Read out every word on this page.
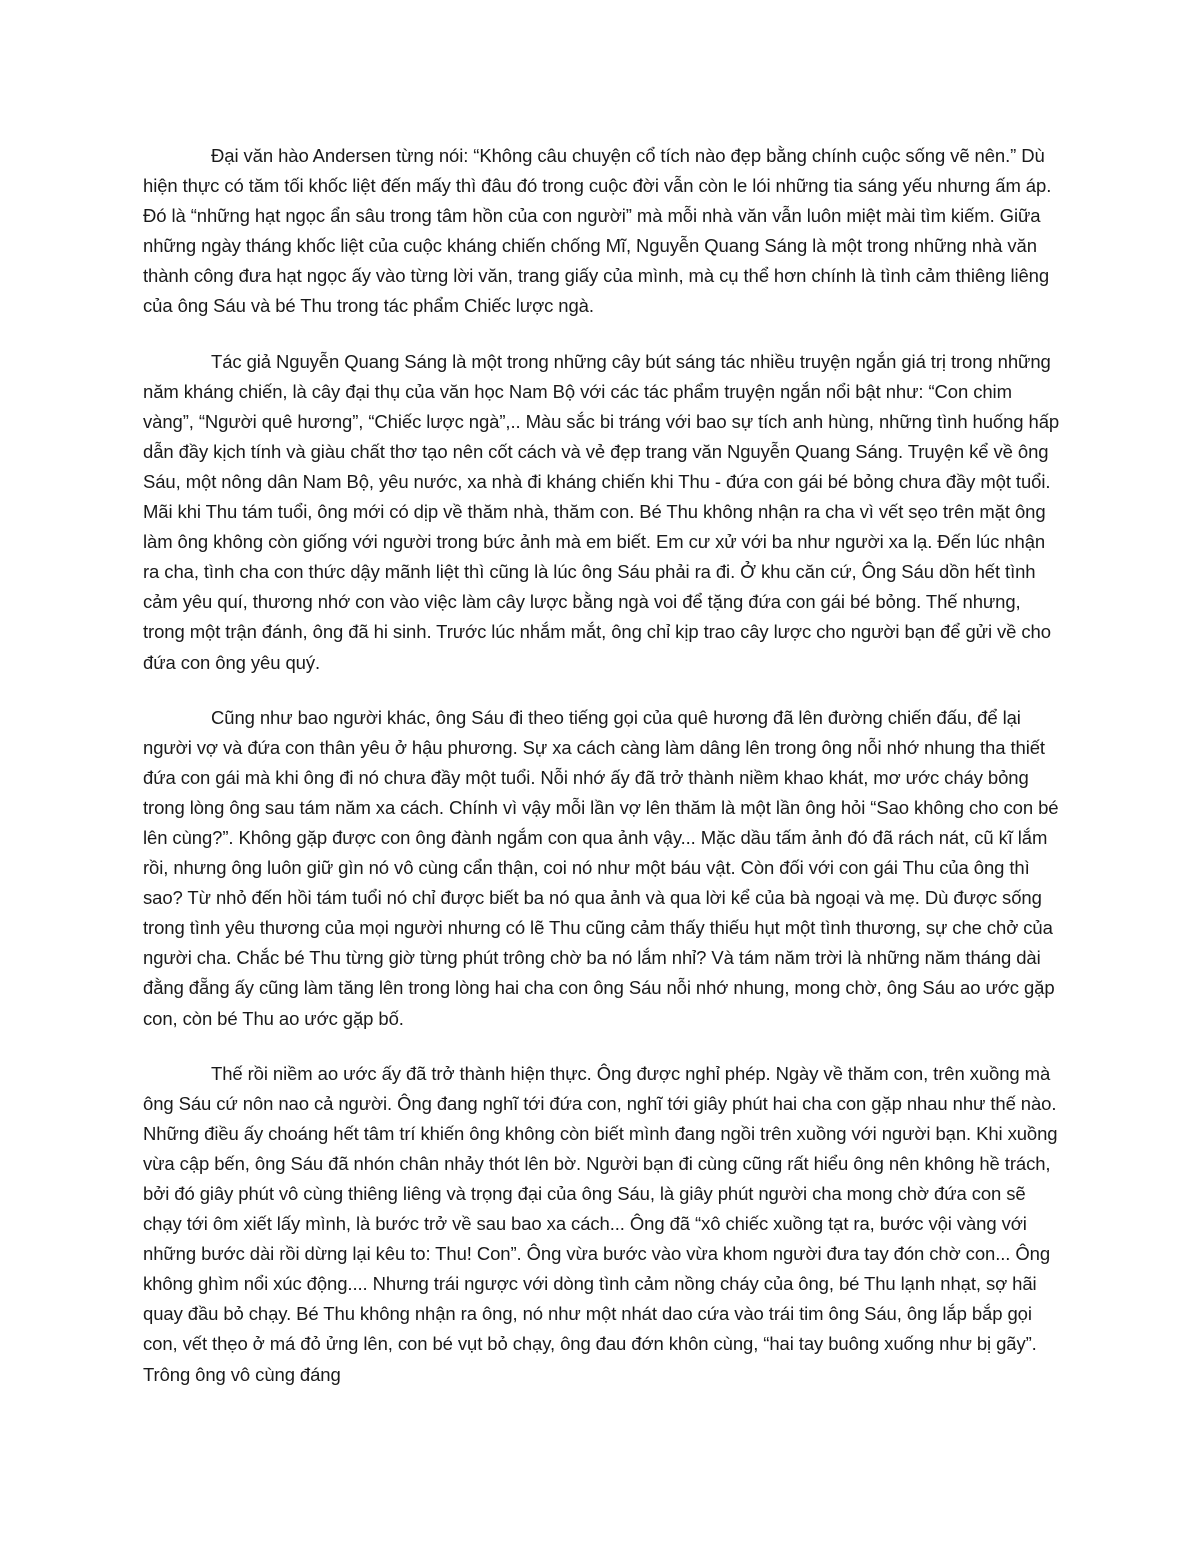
Đại văn hào Andersen từng nói: “Không câu chuyện cổ tích nào đẹp bằng chính cuộc sống vẽ nên.” Dù hiện thực có tăm tối khốc liệt đến mấy thì đâu đó trong cuộc đời vẫn còn le lói những tia sáng yếu nhưng ấm áp. Đó là “những hạt ngọc ẩn sâu trong tâm hồn của con người” mà mỗi nhà văn vẫn luôn miệt mài tìm kiếm. Giữa những ngày tháng khốc liệt của cuộc kháng chiến chống Mĩ, Nguyễn Quang Sáng là một trong những nhà văn thành công đưa hạt ngọc ấy vào từng lời văn, trang giấy của mình, mà cụ thể hơn chính là tình cảm thiêng liêng của ông Sáu và bé Thu trong tác phẩm Chiếc lược ngà.

Tác giả Nguyễn Quang Sáng là một trong những cây bút sáng tác nhiều truyện ngắn giá trị trong những năm kháng chiến, là cây đại thụ của văn học Nam Bộ với các tác phẩm truyện ngắn nổi bật như: “Con chim vàng”, “Người quê hương”, “Chiếc lược ngà”,.. Màu sắc bi tráng với bao sự tích anh hùng, những tình huống hấp dẫn đầy kịch tính và giàu chất thơ tạo nên cốt cách và vẻ đẹp trang văn Nguyễn Quang Sáng. Truyện kể về ông Sáu, một nông dân Nam Bộ, yêu nước, xa nhà đi kháng chiến khi Thu - đứa con gái bé bỏng chưa đầy một tuổi. Mãi khi Thu tám tuổi, ông mới có dịp về thăm nhà, thăm con. Bé Thu không nhận ra cha vì vết sẹo trên mặt ông làm ông không còn giống với người trong bức ảnh mà em biết. Em cư xử với ba như người xa lạ. Đến lúc nhận ra cha, tình cha con thức dậy mãnh liệt thì cũng là lúc ông Sáu phải ra đi. Ở khu căn cứ, Ông Sáu dồn hết tình cảm yêu quí, thương nhớ con vào việc làm cây lược bằng ngà voi để tặng đứa con gái bé bỏng. Thế nhưng, trong một trận đánh, ông đã hi sinh. Trước lúc nhắm mắt, ông chỉ kịp trao cây lược cho người bạn để gửi về cho đứa con ông yêu quý.

Cũng như bao người khác, ông Sáu đi theo tiếng gọi của quê hương đã lên đường chiến đấu, để lại người vợ và đứa con thân yêu ở hậu phương. Sự xa cách càng làm dâng lên trong ông nỗi nhớ nhung tha thiết đứa con gái mà khi ông đi nó chưa đầy một tuổi. Nỗi nhớ ấy đã trở thành niềm khao khát, mơ ước cháy bỏng trong lòng ông sau tám năm xa cách. Chính vì vậy mỗi lần vợ lên thăm là một lần ông hỏi “Sao không cho con bé lên cùng?”. Không gặp được con ông đành ngắm con qua ảnh vậy... Mặc dầu tấm ảnh đó đã rách nát, cũ kĩ lắm rồi, nhưng ông luôn giữ gìn nó vô cùng cẩn thận, coi nó như một báu vật. Còn đối với con gái Thu của ông thì sao? Từ nhỏ đến hồi tám tuổi nó chỉ được biết ba nó qua ảnh và qua lời kể của bà ngoại và mẹ. Dù được sống trong tình yêu thương của mọi người nhưng có lẽ Thu cũng cảm thấy thiếu hụt một tình thương, sự che chở của người cha. Chắc bé Thu từng giờ từng phút trông chờ ba nó lắm nhỉ? Và tám năm trời là những năm tháng dài đằng đẵng ấy cũng làm tăng lên trong lòng hai cha con ông Sáu nỗi nhớ nhung, mong chờ, ông Sáu ao ước gặp con, còn bé Thu ao ước gặp bố.

Thế rồi niềm ao ước ấy đã trở thành hiện thực. Ông được nghỉ phép. Ngày về thăm con, trên xuồng mà ông Sáu cứ nôn nao cả người. Ông đang nghĩ tới đứa con, nghĩ tới giây phút hai cha con gặp nhau như thế nào. Những điều ấy choáng hết tâm trí khiến ông không còn biết mình đang ngồi trên xuồng với người bạn. Khi xuồng vừa cập bến, ông Sáu đã nhón chân nhảy thót lên bờ. Người bạn đi cùng cũng rất hiểu ông nên không hề trách, bởi đó giây phút vô cùng thiêng liêng và trọng đại của ông Sáu, là giây phút người cha mong chờ đứa con sẽ chạy tới ôm xiết lấy mình, là bước trở về sau bao xa cách... Ông đã “xô chiếc xuồng tạt ra, bước vội vàng với những bước dài rồi dừng lại kêu to: Thu! Con”. Ông vừa bước vào vừa khom người đưa tay đón chờ con... Ông không ghìm nổi xúc động.... Nhưng trái ngược với dòng tình cảm nồng cháy của ông, bé Thu lạnh nhạt, sợ hãi quay đầu bỏ chạy. Bé Thu không nhận ra ông, nó như một nhát dao cứa vào trái tim ông Sáu, ông lắp bắp gọi con, vết thẹo ở má đỏ ửng lên, con bé vụt bỏ chạy, ông đau đớn khôn cùng, “hai tay buông xuống như bị gãy”. Trông ông vô cùng đáng
